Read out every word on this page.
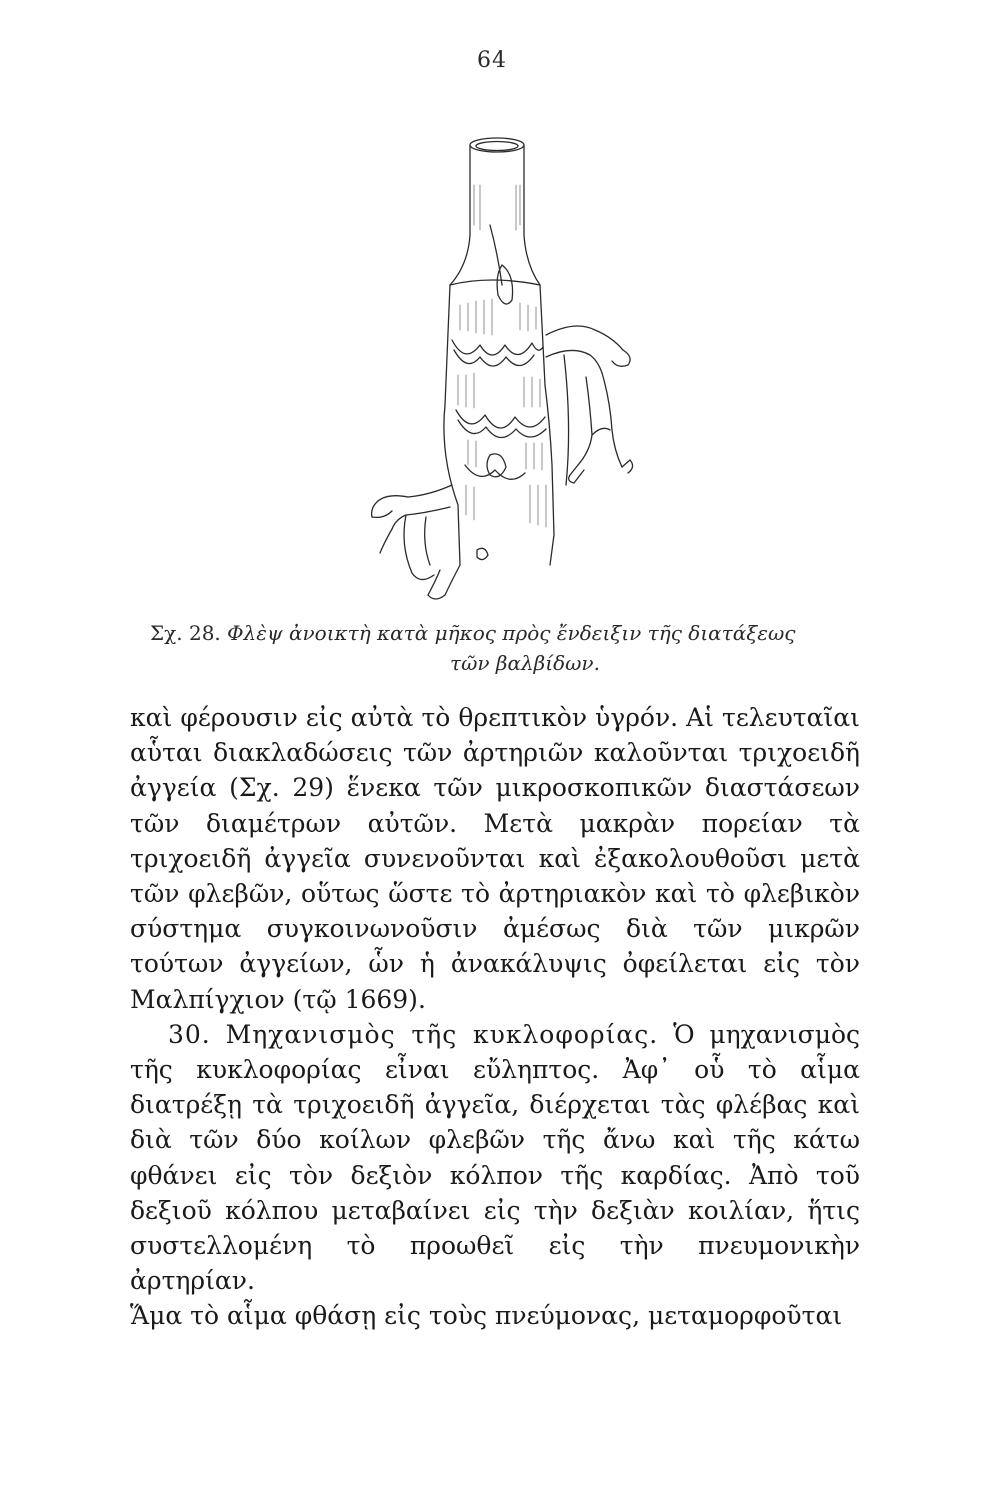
64
Σχ. 28. Φλὲψ ἀνοικτὴ κατὰ μῆκος πρὸς ἔνδειξιν τῆς διατάξεως
τῶν βαλβίδων.

καὶ φέρουσιν εἰς αὐτὰ τὸ θρεπτικὸν ὑγρόν. Αἱ τελευταῖαι αὗται διακλαδώσεις τῶν ἀρτηριῶν καλοῦνται τριχοειδῆ ἀγγεία (Σχ. 29) ἕνεκα τῶν μικροσκοπικῶν διαστάσεων τῶν διαμέτρων αὐτῶν. Μετὰ μακρὰν πορείαν τὰ τριχοειδῆ ἀγγεῖα συνενοῦνται καὶ ἐξακολουθοῦσι μετὰ τῶν φλεβῶν, οὕτως ὥστε τὸ ἀρτηριακὸν καὶ τὸ φλεβικὸν σύστημα συγκοινωνοῦσιν ἀμέσως διὰ τῶν μικρῶν τούτων ἀγγείων, ὧν ἡ ἀνακάλυψις ὀφείλεται εἰς τὸν Μαλπίγχιον (τῷ 1669).

30. Μηχανισμὸς τῆς κυκλοφορίας. Ὁ μηχανισμὸς τῆς κυκλοφορίας εἶναι εὔληπτος. Ἀφ᾽ οὗ τὸ αἷμα διατρέξῃ τὰ τριχοειδῆ ἀγγεῖα, διέρχεται τὰς φλέβας καὶ διὰ τῶν δύο κοίλων φλεβῶν τῆς ἄνω καὶ τῆς κάτω φθάνει εἰς τὸν δεξιὸν κόλπον τῆς καρδίας. Ἀπὸ τοῦ δεξιοῦ κόλπου μεταβαίνει εἰς τὴν δεξιὰν κοιλίαν, ἥτις συστελλομένη τὸ προωθεῖ εἰς τὴν πνευμονικὴν ἀρτηρίαν.

Ἅμα τὸ αἷμα φθάσῃ εἰς τοὺς πνεύμονας, μεταμορφοῦται
